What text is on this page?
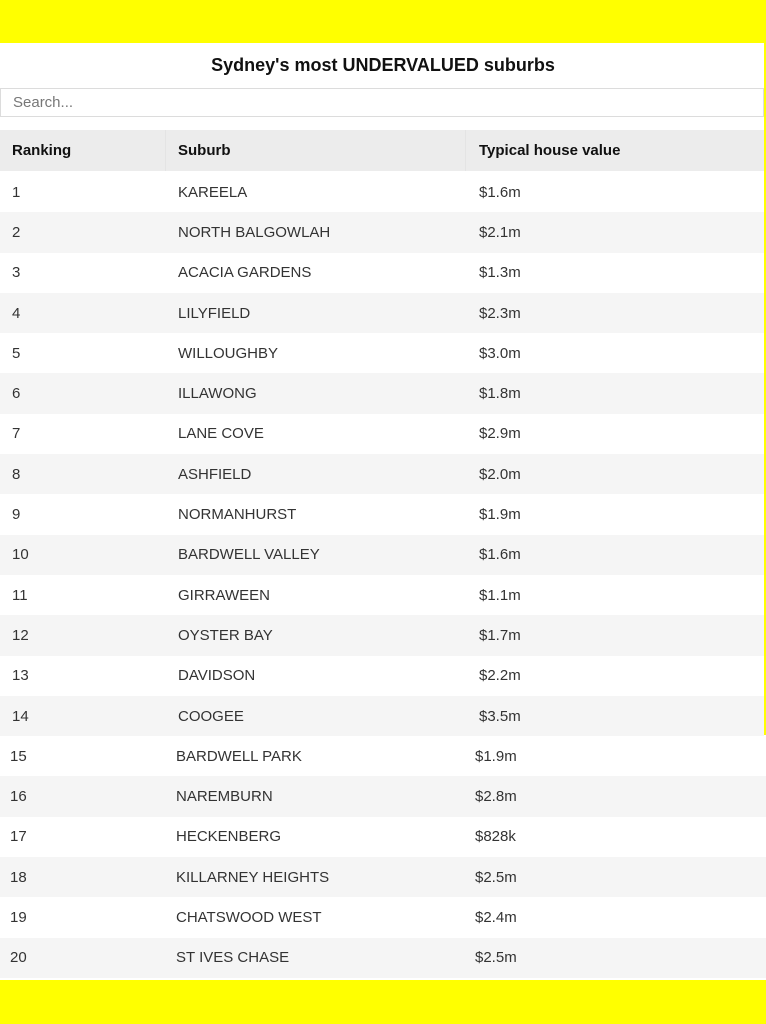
Sydney's most UNDERVALUED suburbs
Search...
Ranking	Suburb	Typical house value
1	KAREELA	$1.6m
2	NORTH BALGOWLAH	$2.1m
3	ACACIA GARDENS	$1.3m
4	LILYFIELD	$2.3m
5	WILLOUGHBY	$3.0m
6	ILLAWONG	$1.8m
7	LANE COVE	$2.9m
8	ASHFIELD	$2.0m
9	NORMANHURST	$1.9m
10	BARDWELL VALLEY	$1.6m
11	GIRRAWEEN	$1.1m
12	OYSTER BAY	$1.7m
13	DAVIDSON	$2.2m
14	COOGEE	$3.5m
15	BARDWELL PARK	$1.9m
16	NAREMBURN	$2.8m
17	HECKENBERG	$828k
18	KILLARNEY HEIGHTS	$2.5m
19	CHATSWOOD WEST	$2.4m
20	ST IVES CHASE	$2.5m
